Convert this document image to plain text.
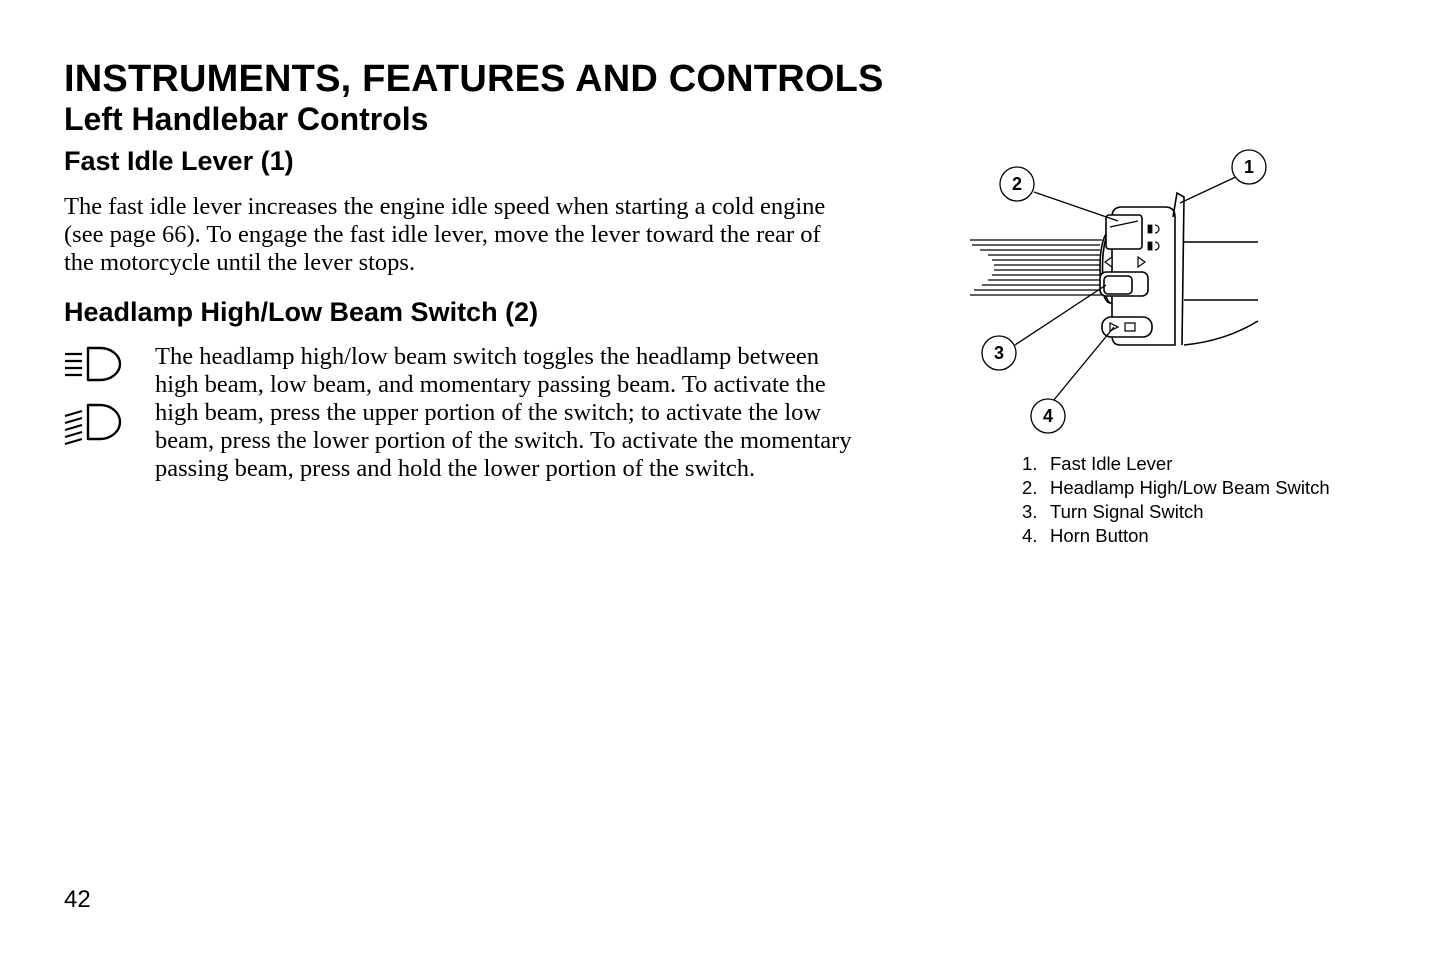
INSTRUMENTS, FEATURES AND CONTROLS
Left Handlebar Controls
Fast Idle Lever (1)

The fast idle lever increases the engine idle speed when starting a cold engine (see page 66). To engage the fast idle lever, move the lever toward the rear of the motorcycle until the lever stops.

Headlamp High/Low Beam Switch (2)

The headlamp high/low beam switch toggles the headlamp between high beam, low beam, and momentary passing beam. To activate the high beam, press the upper portion of the switch; to activate the low beam, press the lower portion of the switch. To activate the momentary passing beam, press and hold the lower portion of the switch.

2
1
3
4
1. Fast Idle Lever
2. Headlamp High/Low Beam Switch
3. Turn Signal Switch
4. Horn Button
42
